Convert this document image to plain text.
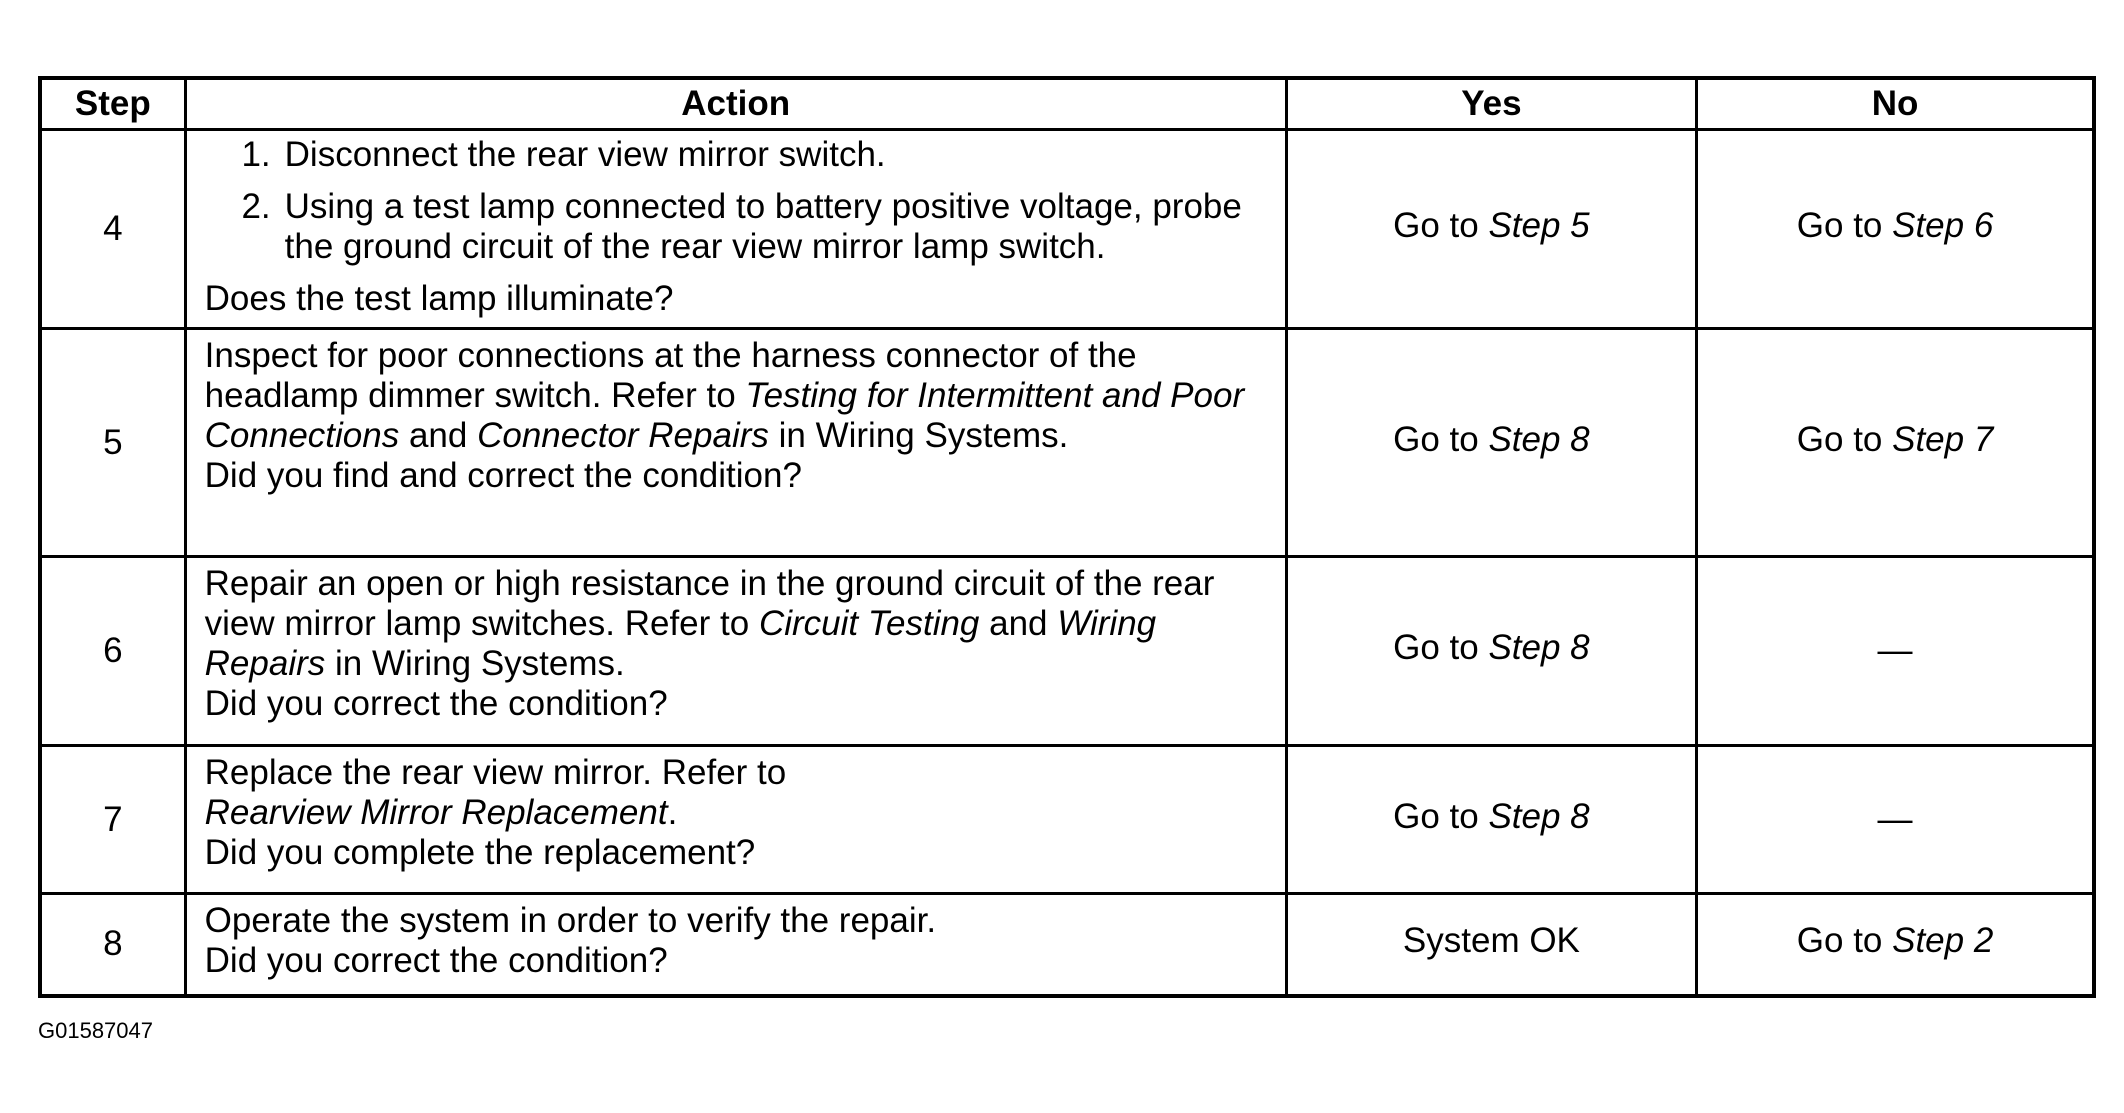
Step	Action	Yes	No
4	1. Disconnect the rear view mirror switch.
2. Using a test lamp connected to battery positive voltage, probe the ground circuit of the rear view mirror lamp switch.
Does the test lamp illuminate?	Go to Step 5	Go to Step 6

5	Inspect for poor connections at the harness connector of the headlamp dimmer switch. Refer to Testing for Intermittent and Poor Connections and Connector Repairs in Wiring Systems.
Did you find and correct the condition?	Go to Step 8	Go to Step 7

6	Repair an open or high resistance in the ground circuit of the rear view mirror lamp switches. Refer to Circuit Testing and Wiring Repairs in Wiring Systems.
Did you correct the condition?	Go to Step 8	—

7	Replace the rear view mirror. Refer to Rearview Mirror Replacement.
Did you complete the replacement?	Go to Step 8	—

8	Operate the system in order to verify the repair.
Did you correct the condition?	System OK	Go to Step 2
G01587047
